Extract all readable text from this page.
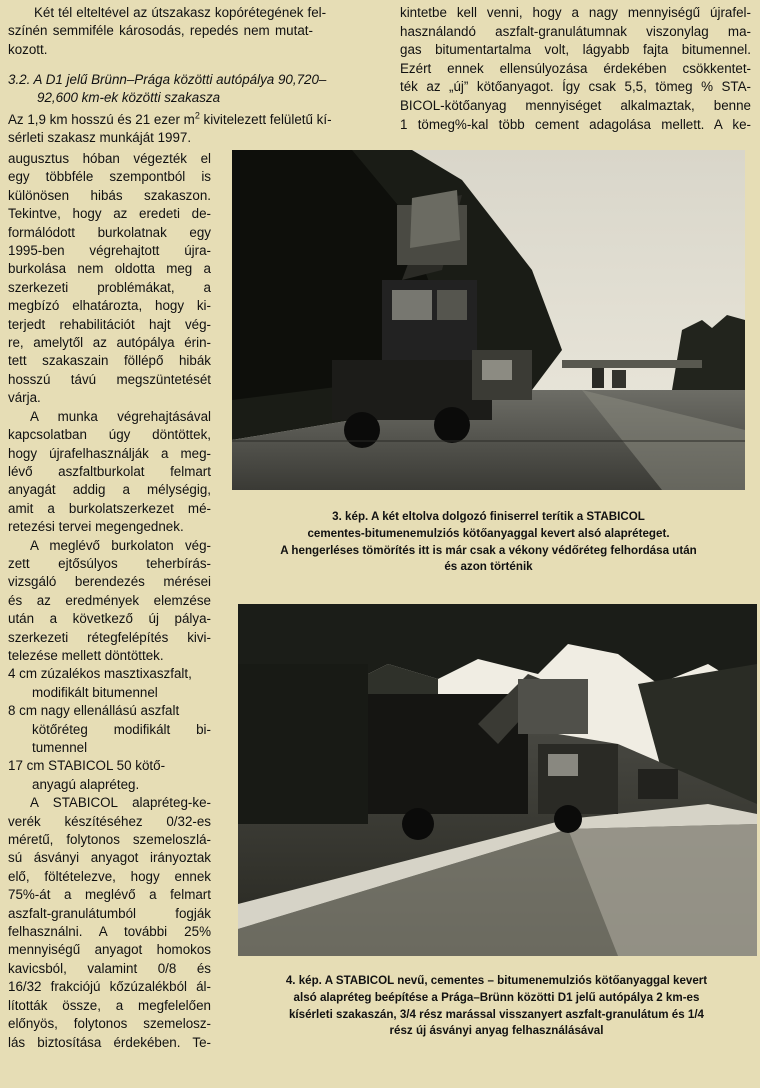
Két tél elteltével az útszakasz kopórétegének fel-
színén semmiféle károsodás, repedés nem mutat-
kozott.
3.2. A D1 jelű Brünn–Prága közötti autópálya 90,720–
92,600 km-ek közötti szakasza
Az 1,9 km hosszú és 21 ezer $m^2$ kivitelezett felületű kí-
sérleti szakasz munkáját 1997.
augusztus hóban végezték el
egy többféle szempontból is
különösen hibás szakaszon.
Tekintve, hogy az eredeti de-
formálódott burkolatnak egy
1995-ben végrehajtott újra-
burkolása nem oldotta meg a
szerkezeti problémákat, a
megbízó elhatározta, hogy ki-
terjedt rehabilitációt hajt vég-
re, amelytől az autópálya érin-
tett szakaszain föllépő hibák
hosszú távú megszüntetését
várja.
A munka végrehajtásával
kapcsolatban úgy döntöttek,
hogy újrafelhasználják a meg-
lévő aszfaltburkolat felmart
anyagát addig a mélységig,
amit a burkolatszerkezet mé-
retezési tervei megengednek.
A meglévő burkolaton vég-
zett ejtősúlyos teherbírás-
vizsgáló berendezés mérései
és az eredmények elemzése
után a következő új pálya-
szerkezeti rétegfelépítés kivi-
telezése mellett döntöttek.
4 cm zúzalékos masztixaszfalt,
modifikált bitumennel
8 cm nagy ellenállású aszfalt
kötőréteg modifikált bi-
tumennel
17 cm STABICOL 50 kötő-
anyagú alapréteg.
A STABICOL alapréteg-ke-
verék készítéséhez 0/32-es
méretű, folytonos szemeloszlá-
sú ásványi anyagot irányoztak
elő, föltételezve, hogy ennek
75%-át a meglévő a felmart
aszfalt-granulátumból fogják
felhasználni. A további 25%
mennyiségű anyagot homokos
kavicsból, valamint 0/8 és
16/32 frakciójú kőzúzalékból ál-
lították össze, a megfelelően
előnyös, folytonos szemelosz-
lás biztosítása érdekében. Te-
kintetbe kell venni, hogy a nagy mennyiségű újrafel-
használandó aszfalt-granulátumnak viszonylag ma-
gas bitumentartalma volt, lágyabb fajta bitumennel.
Ezért ennek ellensúlyozása érdekében csökkentet-
ték az „új” kötőanyagot. Így csak 5,5, tömeg % STA-
BICOL-kötőanyag mennyiséget alkalmaztak, benne
1 tömeg%-kal több cement adagolása mellett. A ke-
3. kép. A két eltolva dolgozó finiserrel terítik a STABICOL
cementes-bitumenemulziós kötőanyaggal kevert alsó alapréteget.
A hengerléses tömörítés itt is már csak a vékony védőréteg felhordása után
és azon történik
4. kép. A STABICOL nevű, cementes – bitumenemulziós kötőanyaggal kevert
alsó alapréteg beépítése a Prága–Brünn közötti D1 jelű autópálya 2 km-es
kísérleti szakaszán, 3/4 rész marással visszanyert aszfalt-granulátum és 1/4
rész új ásványi anyag felhasználásával
